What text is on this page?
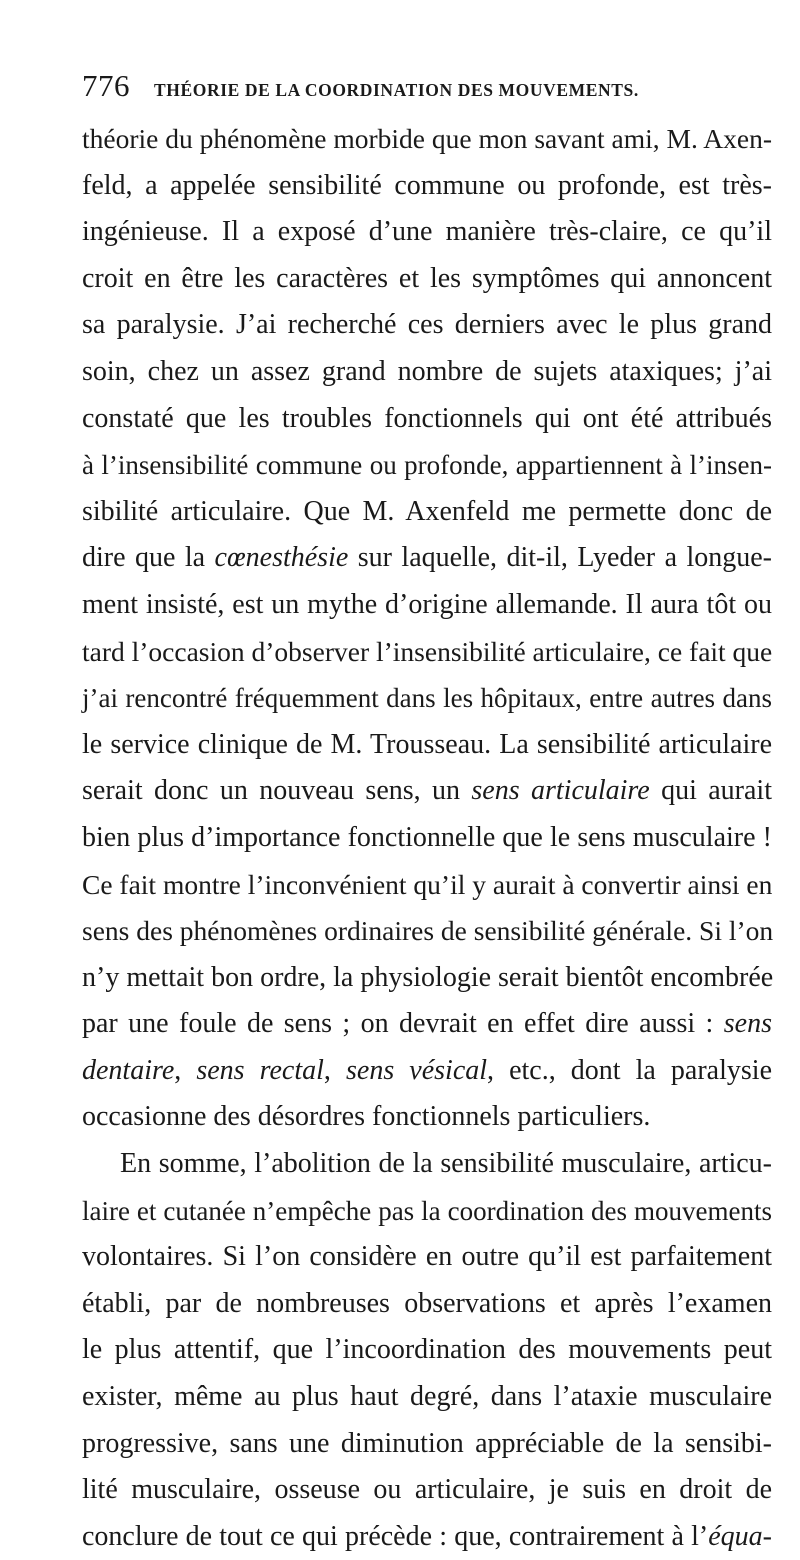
776 THÉORIE DE LA COORDINATION DES MOUVEMENTS.
théorie du phénomène morbide que mon savant ami, M. Axen-
feld, a appelée sensibilité commune ou profonde, est très-
ingénieuse. Il a exposé d’une manière très-claire, ce qu’il
croit en être les caractères et les symptômes qui annoncent
sa paralysie. J’ai recherché ces derniers avec le plus grand
soin, chez un assez grand nombre de sujets ataxiques; j’ai
constaté que les troubles fonctionnels qui ont été attribués
à l’insensibilité commune ou profonde, appartiennent à l’insen-
sibilité articulaire. Que M. Axenfeld me permette donc de
dire que la cœnesthésie sur laquelle, dit-il, Lyeder a longue-
ment insisté, est un mythe d’origine allemande. Il aura tôt ou
tard l’occasion d’observer l’insensibilité articulaire, ce fait que
j’ai rencontré fréquemment dans les hôpitaux, entre autres dans
le service clinique de M. Trousseau. La sensibilité articulaire
serait donc un nouveau sens, un sens articulaire qui aurait
bien plus d’importance fonctionnelle que le sens musculaire !
Ce fait montre l’inconvénient qu’il y aurait à convertir ainsi en
sens des phénomènes ordinaires de sensibilité générale. Si l’on
n’y mettait bon ordre, la physiologie serait bientôt encombrée
par une foule de sens ; on devrait en effet dire aussi : sens
dentaire, sens rectal, sens vésical, etc., dont la paralysie
occasionne des désordres fonctionnels particuliers.
En somme, l’abolition de la sensibilité musculaire, articu-
laire et cutanée n’empêche pas la coordination des mouvements
volontaires. Si l’on considère en outre qu’il est parfaitement
établi, par de nombreuses observations et après l’examen
le plus attentif, que l’incoordination des mouvements peut
exister, même au plus haut degré, dans l’ataxie musculaire
progressive, sans une diminution appréciable de la sensibi-
lité musculaire, osseuse ou articulaire, je suis en droit de
conclure de tout ce qui précède : que, contrairement à l’équa-
